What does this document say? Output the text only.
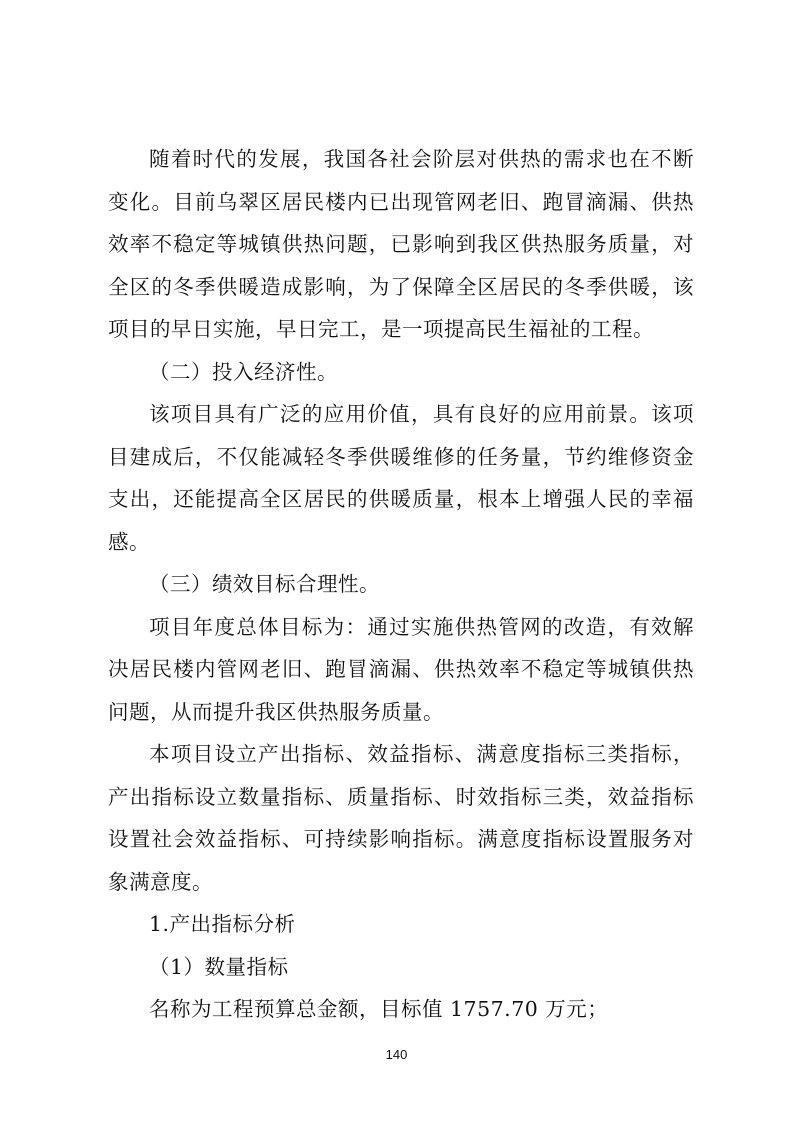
随着时代的发展，我国各社会阶层对供热的需求也在不断变化。目前乌翠区居民楼内已出现管网老旧、跑冒滴漏、供热效率不稳定等城镇供热问题，已影响到我区供热服务质量，对全区的冬季供暖造成影响，为了保障全区居民的冬季供暖，该项目的早日实施，早日完工，是一项提高民生福祉的工程。

（二）投入经济性。

该项目具有广泛的应用价值，具有良好的应用前景。该项目建成后，不仅能减轻冬季供暖维修的任务量，节约维修资金支出，还能提高全区居民的供暖质量，根本上增强人民的幸福感。

（三）绩效目标合理性。

项目年度总体目标为：通过实施供热管网的改造，有效解决居民楼内管网老旧、跑冒滴漏、供热效率不稳定等城镇供热问题，从而提升我区供热服务质量。

本项目设立产出指标、效益指标、满意度指标三类指标，产出指标设立数量指标、质量指标、时效指标三类，效益指标设置社会效益指标、可持续影响指标。满意度指标设置服务对象满意度。

1.产出指标分析

（1）数量指标

名称为工程预算总金额，目标值 1757.70 万元；

140
